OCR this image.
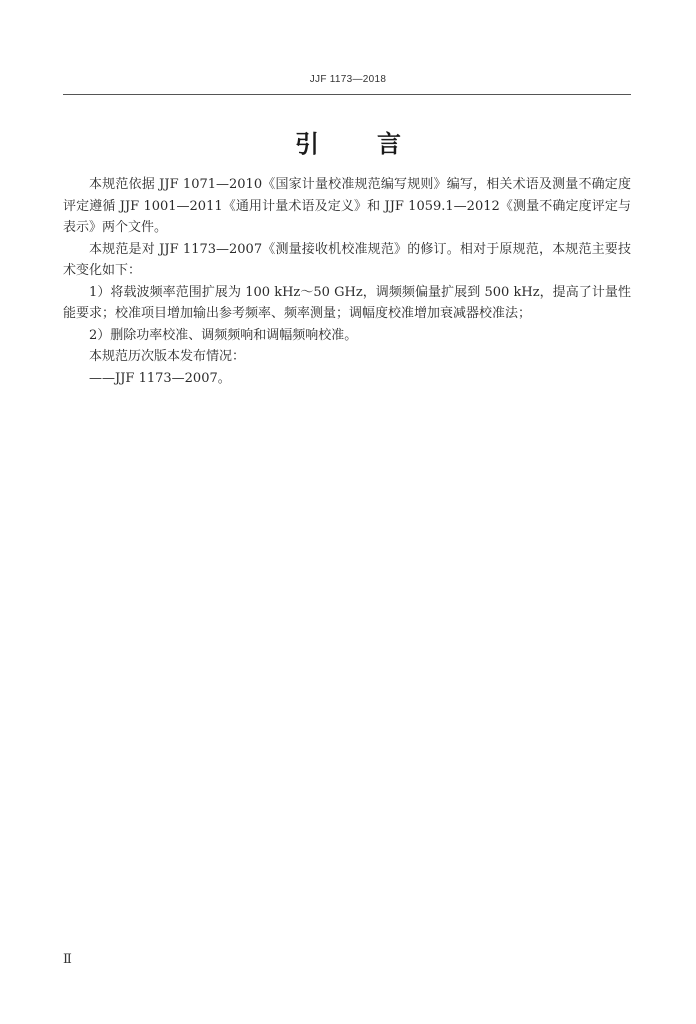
JJF 1173—2018
引言

本规范依据 JJF 1071—2010《国家计量校准规范编写规则》编写，相关术语及测量不确定度评定遵循 JJF 1001—2011《通用计量术语及定义》和 JJF 1059.1—2012《测量不确定度评定与表示》两个文件。

本规范是对 JJF 1173—2007《测量接收机校准规范》的修订。相对于原规范，本规范主要技术变化如下：

1）将载波频率范围扩展为 100 kHz～50 GHz，调频频偏量扩展到 500 kHz，提高了计量性能要求；校准项目增加输出参考频率、频率测量；调幅度校准增加衰减器校准法；

2）删除功率校准、调频频响和调幅频响校准。

本规范历次版本发布情况：

——JJF 1173—2007。

Ⅱ
